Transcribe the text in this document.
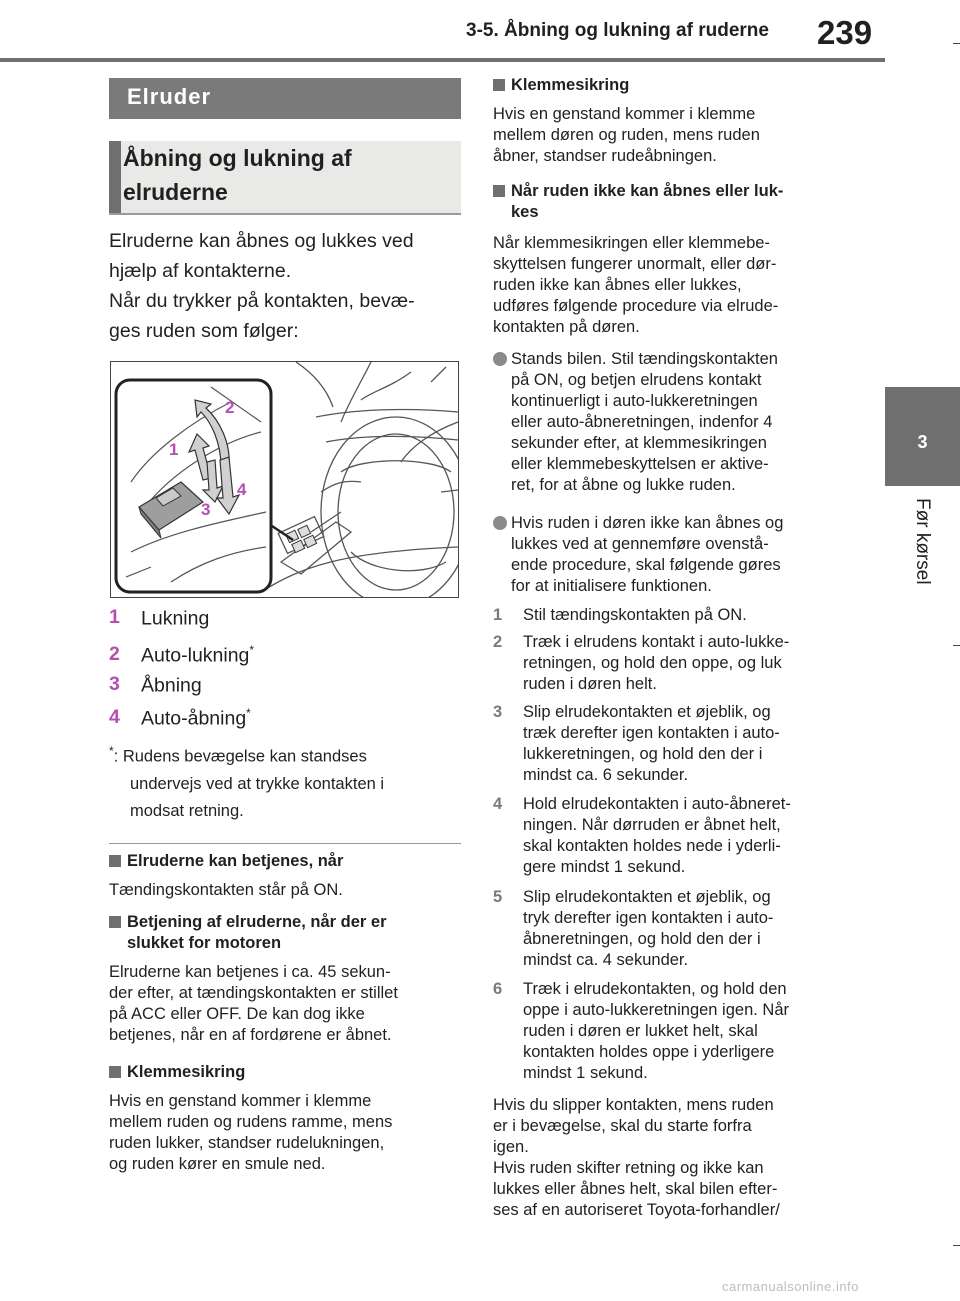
3-5. Åbning og lukning af ruderne 239
3
Før kørsel
Elruder
Åbning og lukning af
elruderne
Elruderne kan åbnes og lukkes ved
hjælp af kontakterne.
Når du trykker på kontakten, bevæ-
ges ruden som følger:
2
1
4
3
1 Lukning
2 Auto-lukning*
3 Åbning
4 Auto-åbning*
*: Rudens bevægelse kan standses
undervejs ved at trykke kontakten i
modsat retning.
Elruderne kan betjenes, når
Tændingskontakten står på ON.
Betjening af elruderne, når der er
slukket for motoren
Elruderne kan betjenes i ca. 45 sekun-
der efter, at tændingskontakten er stillet
på ACC eller OFF. De kan dog ikke
betjenes, når en af fordørene er åbnet.
Klemmesikring
Hvis en genstand kommer i klemme
mellem ruden og rudens ramme, mens
ruden lukker, standser rudelukningen,
og ruden kører en smule ned.
Klemmesikring
Hvis en genstand kommer i klemme
mellem døren og ruden, mens ruden
åbner, standser rudeåbningen.
Når ruden ikke kan åbnes eller luk-
kes
Når klemmesikringen eller klemmebe-
skyttelsen fungerer unormalt, eller dør-
ruden ikke kan åbnes eller lukkes,
udføres følgende procedure via elrude-
kontakten på døren.
Stands bilen. Stil tændingskontakten
på ON, og betjen elrudens kontakt
kontinuerligt i auto-lukkeretningen
eller auto-åbneretningen, indenfor 4
sekunder efter, at klemmesikringen
eller klemmebeskyttelsen er aktive-
ret, for at åbne og lukke ruden.
Hvis ruden i døren ikke kan åbnes og
lukkes ved at gennemføre ovenstå-
ende procedure, skal følgende gøres
for at initialisere funktionen.
1 Stil tændingskontakten på ON.
2 Træk i elrudens kontakt i auto-lukke-
retningen, og hold den oppe, og luk
ruden i døren helt.
3 Slip elrudekontakten et øjeblik, og
træk derefter igen kontakten i auto-
lukkeretningen, og hold den der i
mindst ca. 6 sekunder.
4 Hold elrudekontakten i auto-åbneret-
ningen. Når dørruden er åbnet helt,
skal kontakten holdes nede i yderli-
gere mindst 1 sekund.
5 Slip elrudekontakten et øjeblik, og
tryk derefter igen kontakten i auto-
åbneretningen, og hold den der i
mindst ca. 4 sekunder.
6 Træk i elrudekontakten, og hold den
oppe i auto-lukkeretningen igen. Når
ruden i døren er lukket helt, skal
kontakten holdes oppe i yderligere
mindst 1 sekund.
Hvis du slipper kontakten, mens ruden
er i bevægelse, skal du starte forfra
igen.
Hvis ruden skifter retning og ikke kan
lukkes eller åbnes helt, skal bilen efter-
ses af en autoriseret Toyota-forhandler/
carmanualsonline.info
